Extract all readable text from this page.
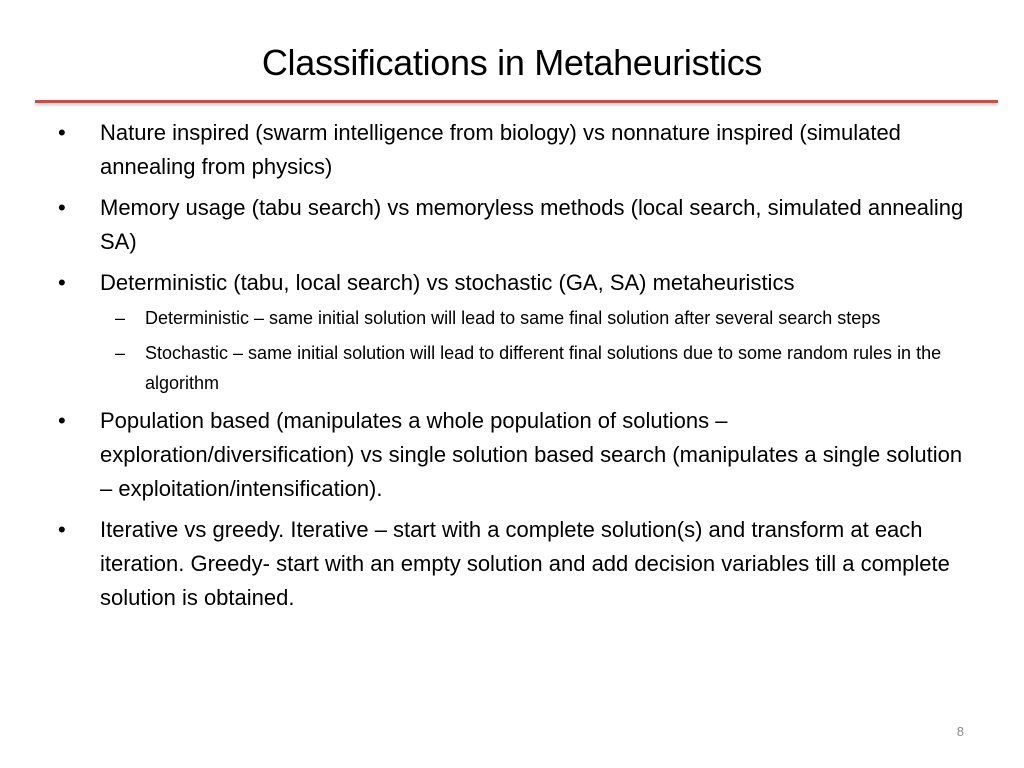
Classifications in Metaheuristics
•	Nature inspired (swarm intelligence from biology) vs nonnature inspired (simulated annealing from physics)
•	Memory usage (tabu search) vs memoryless methods (local search, simulated annealing SA)
•	Deterministic (tabu, local search) vs stochastic (GA, SA) metaheuristics
–	Deterministic – same initial solution will lead to same final solution after several search steps
–	Stochastic – same initial solution will lead to different final solutions due to some random rules in the algorithm
•	Population based (manipulates a whole population of solutions – exploration/diversification) vs single solution based search (manipulates a single solution – exploitation/intensification).
•	Iterative vs greedy. Iterative – start with a complete solution(s) and transform at each iteration. Greedy- start with an empty solution and add decision variables till a complete solution is obtained.
8
